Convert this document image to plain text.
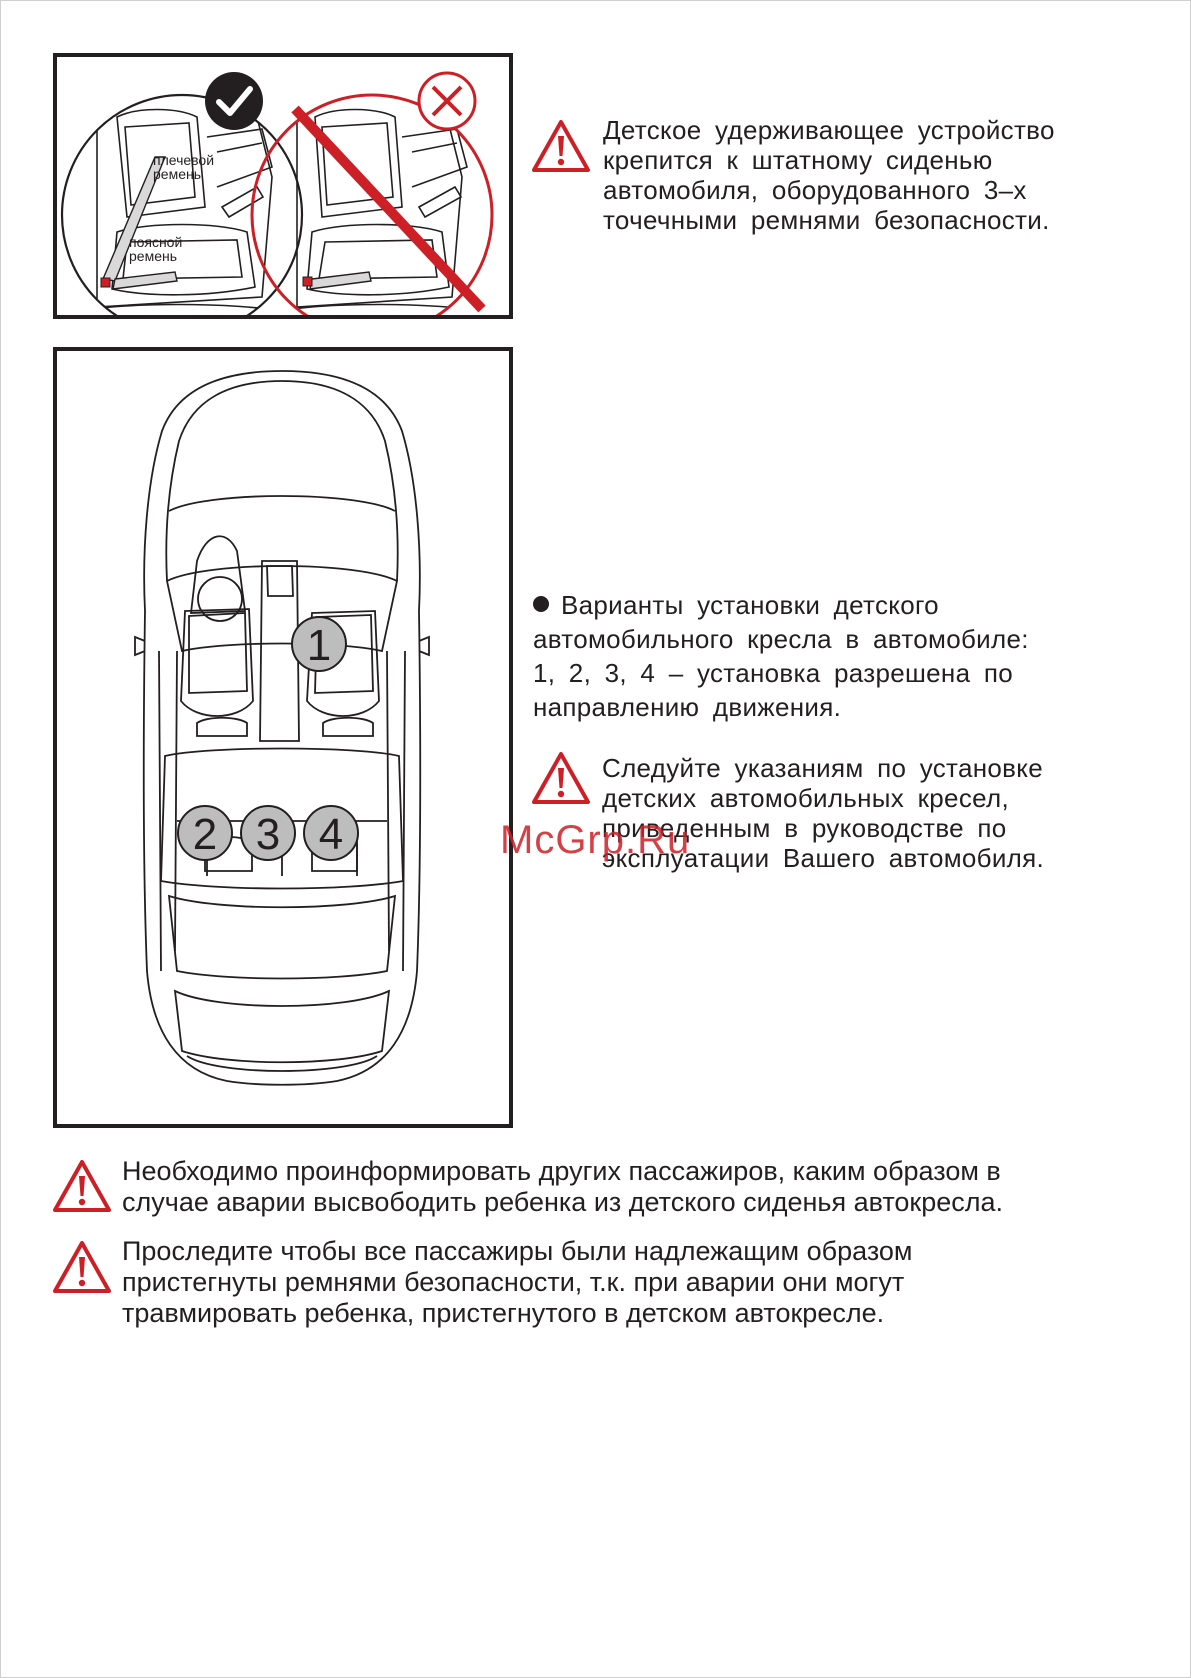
плечевой
ремень
поясной
ремень
Детское удерживающее устройство
крепится к штатному сиденью
автомобиля, оборудованного 3–х
точечными ремнями безопасности.
1
2 3 4
Варианты установки детского
автомобильного кресла в автомобиле:
1, 2, 3, 4 – установка разрешена по
направлению движения.
Следуйте указаниям по установке
детских автомобильных кресел,
приведенным в руководстве по
эксплуатации Вашего автомобиля.
McGrp.Ru
Необходимо проинформировать других пассажиров, каким образом в
случае аварии высвободить ребенка из детского сиденья автокресла.
Проследите чтобы все пассажиры были надлежащим образом
пристегнуты ремнями безопасности, т.к. при аварии они могут
травмировать ребенка, пристегнутого в детском автокресле.
